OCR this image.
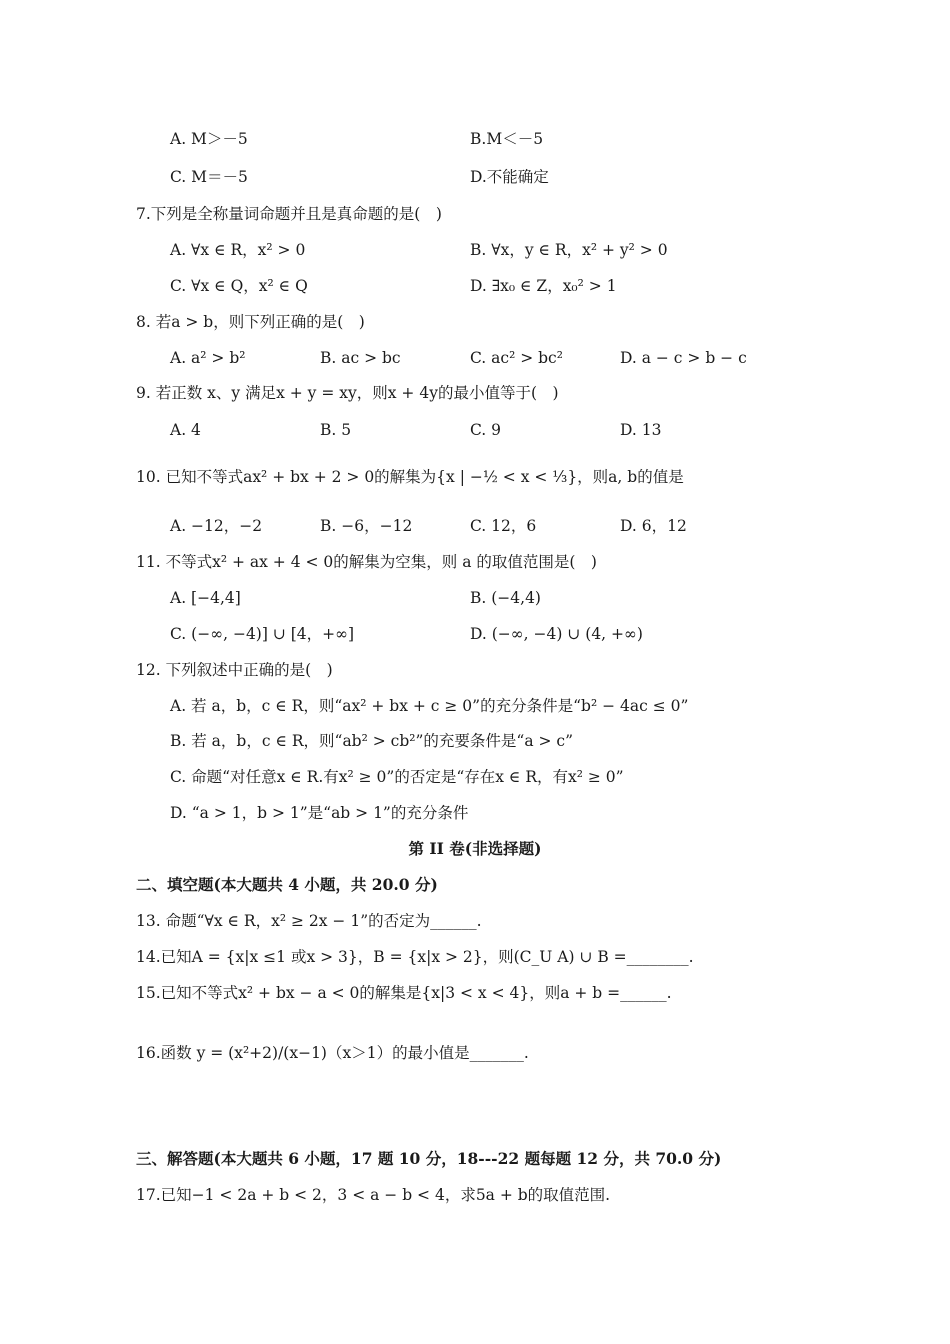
A. M＞－5	B.M＜－5
C. M＝－5	D.不能确定
7.下列是全称量词命题并且是真命题的是(　)
A. ∀x ∈ R，x² > 0	B. ∀x，y ∈ R，x² + y² > 0
C. ∀x ∈ Q，x² ∈ Q	D. ∃x₀ ∈ Z，x₀² > 1
8. 若a > b，则下列正确的是(　)
A. a² > b²	B. ac > bc	C. ac² > bc²	D. a − c > b − c
9. 若正数 x、y 满足x + y = xy，则x + 4y的最小值等于(　)
A. 4	B. 5	C. 9	D. 13
10. 已知不等式ax² + bx + 2 > 0的解集为{x | −½ < x < ⅓}，则a, b的值是
A. −12，−2	B. −6，−12	C. 12，6	D. 6，12
11. 不等式x² + ax + 4 < 0的解集为空集，则 a 的取值范围是(　)
A. [−4,4]	B. (−4,4)
C. (−∞, −4)] ∪ [4，+∞]	D. (−∞, −4) ∪ (4, +∞)
12. 下列叙述中正确的是(　)
A. 若 a，b，c ∈ R，则“ax² + bx + c ≥ 0”的充分条件是“b² − 4ac ≤ 0”
B. 若 a，b，c ∈ R，则“ab² > cb²”的充要条件是“a > c”
C. 命题“对任意x ∈ R.有x² ≥ 0”的否定是“存在x ∈ R，有x² ≥ 0”
D. “a > 1，b > 1”是“ab > 1”的充分条件
第 II 卷(非选择题)
二、填空题(本大题共 4 小题，共 20.0 分)
13. 命题“∀x ∈ R，x² ≥ 2x − 1”的否定为______.
14.已知A = {x|x ≤1 或x > 3}，B = {x|x > 2}，则(C_U A) ∪ B =________.
15.已知不等式x² + bx − a < 0的解集是{x|3 < x < 4}，则a + b =______.
16.函数 y = (x²+2)/(x−1)（x＞1）的最小值是_______.
三、解答题(本大题共 6 小题，17 题 10 分，18---22 题每题 12 分，共 70.0 分)
17.已知−1 < 2a + b < 2，3 < a − b < 4，求5a + b的取值范围.
